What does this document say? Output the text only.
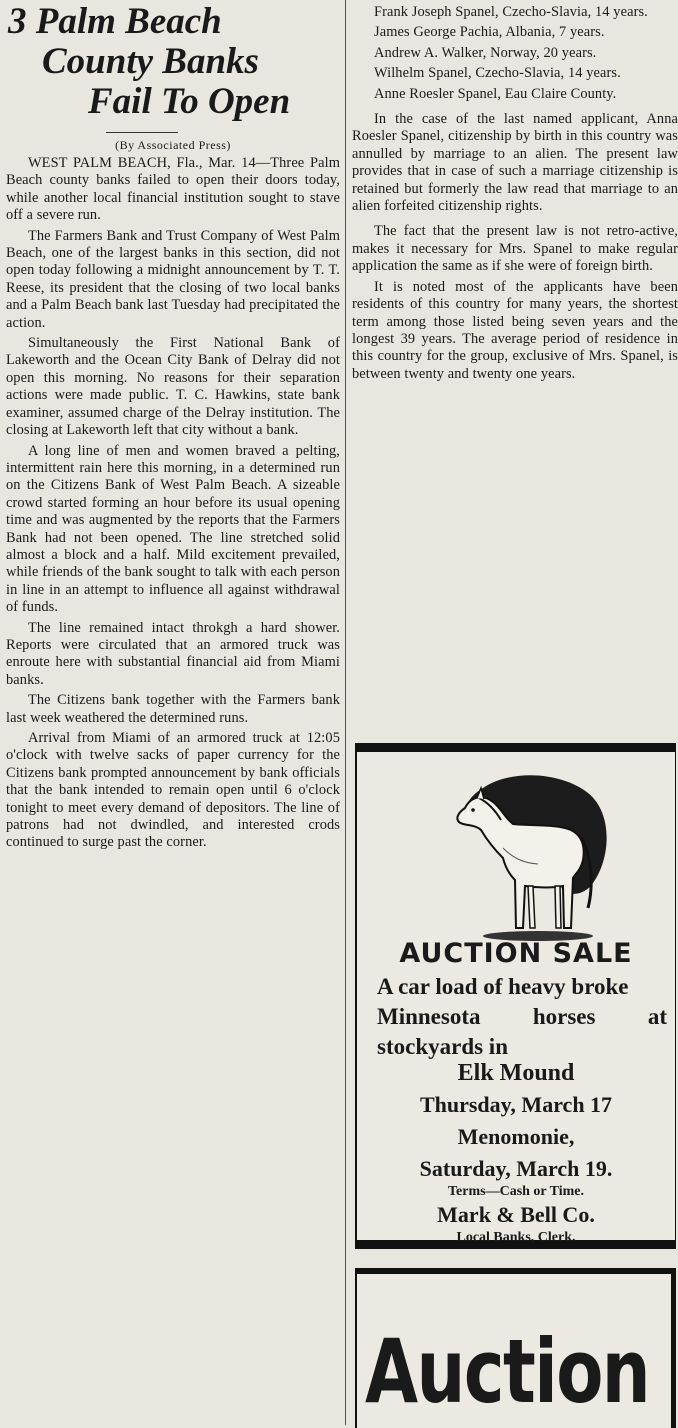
3 Palm Beach
County Banks
Fail To Open
(By Associated Press)

WEST PALM BEACH, Fla., Mar. 14—Three Palm Beach county banks failed to open their doors today, while another local financial institution sought to stave off a severe run.

The Farmers Bank and Trust Company of West Palm Beach, one of the largest banks in this section, did not open today following a midnight announcement by T. T. Reese, its president that the closing of two local banks and a Palm Beach bank last Tuesday had precipitated the action.

Simultaneously the First National Bank of Lakeworth and the Ocean City Bank of Delray did not open this morning. No reasons for their separation actions were made public. T. C. Hawkins, state bank examiner, assumed charge of the Delray institution. The closing at Lakeworth left that city without a bank.

A long line of men and women braved a pelting, intermittent rain here this morning, in a determined run on the Citizens Bank of West Palm Beach. A sizeable crowd started forming an hour before its usual opening time and was augmented by the reports that the Farmers Bank had not been opened. The line stretched solid almost a block and a half. Mild excitement prevailed, while friends of the bank sought to talk with each person in line in an attempt to influence all against withdrawal of funds.

The line remained intact throkgh a hard shower. Reports were circulated that an armored truck was enroute here with substantial financial aid from Miami banks.

The Citizens bank together with the Farmers bank last week weathered the determined runs.

Arrival from Miami of an armored truck at 12:05 o'clock with twelve sacks of paper currency for the Citizens bank prompted announcement by bank officials that the bank intended to remain open until 6 o'clock tonight to meet every demand of depositors. The line of patrons had not dwindled, and interested crods continued to surge past the corner.

Frank Joseph Spanel, Czecho-Slavia, 14 years.

James George Pachia, Albania, 7 years.

Andrew A. Walker, Norway, 20 years.

Wilhelm Spanel, Czecho-Slavia, 14 years.

Anne Roesler Spanel, Eau Claire County.

In the case of the last named applicant, Anna Roesler Spanel, citizenship by birth in this country was annulled by marriage to an alien. The present law provides that in case of such a marriage citizenship is retained but formerly the law read that marriage to an alien forfeited citizenship rights.

The fact that the present law is not retro-active, makes it necessary for Mrs. Spanel to make regular application the same as if she were of foreign birth.

It is noted most of the applicants have been residents of this country for many years, the shortest term among those listed being seven years and the longest 39 years. The average period of residence in this country for the group, exclusive of Mrs. Spanel, is between twenty and twenty one years.

AUCTION SALE
A car load of heavy broke
Minnesota horses at
stockyards in
Elk Mound
Thursday, March 17
Menomonie,
Saturday, March 19.
Terms—Cash or Time.
Mark & Bell Co.
Local Banks, Clerk.
Auction
